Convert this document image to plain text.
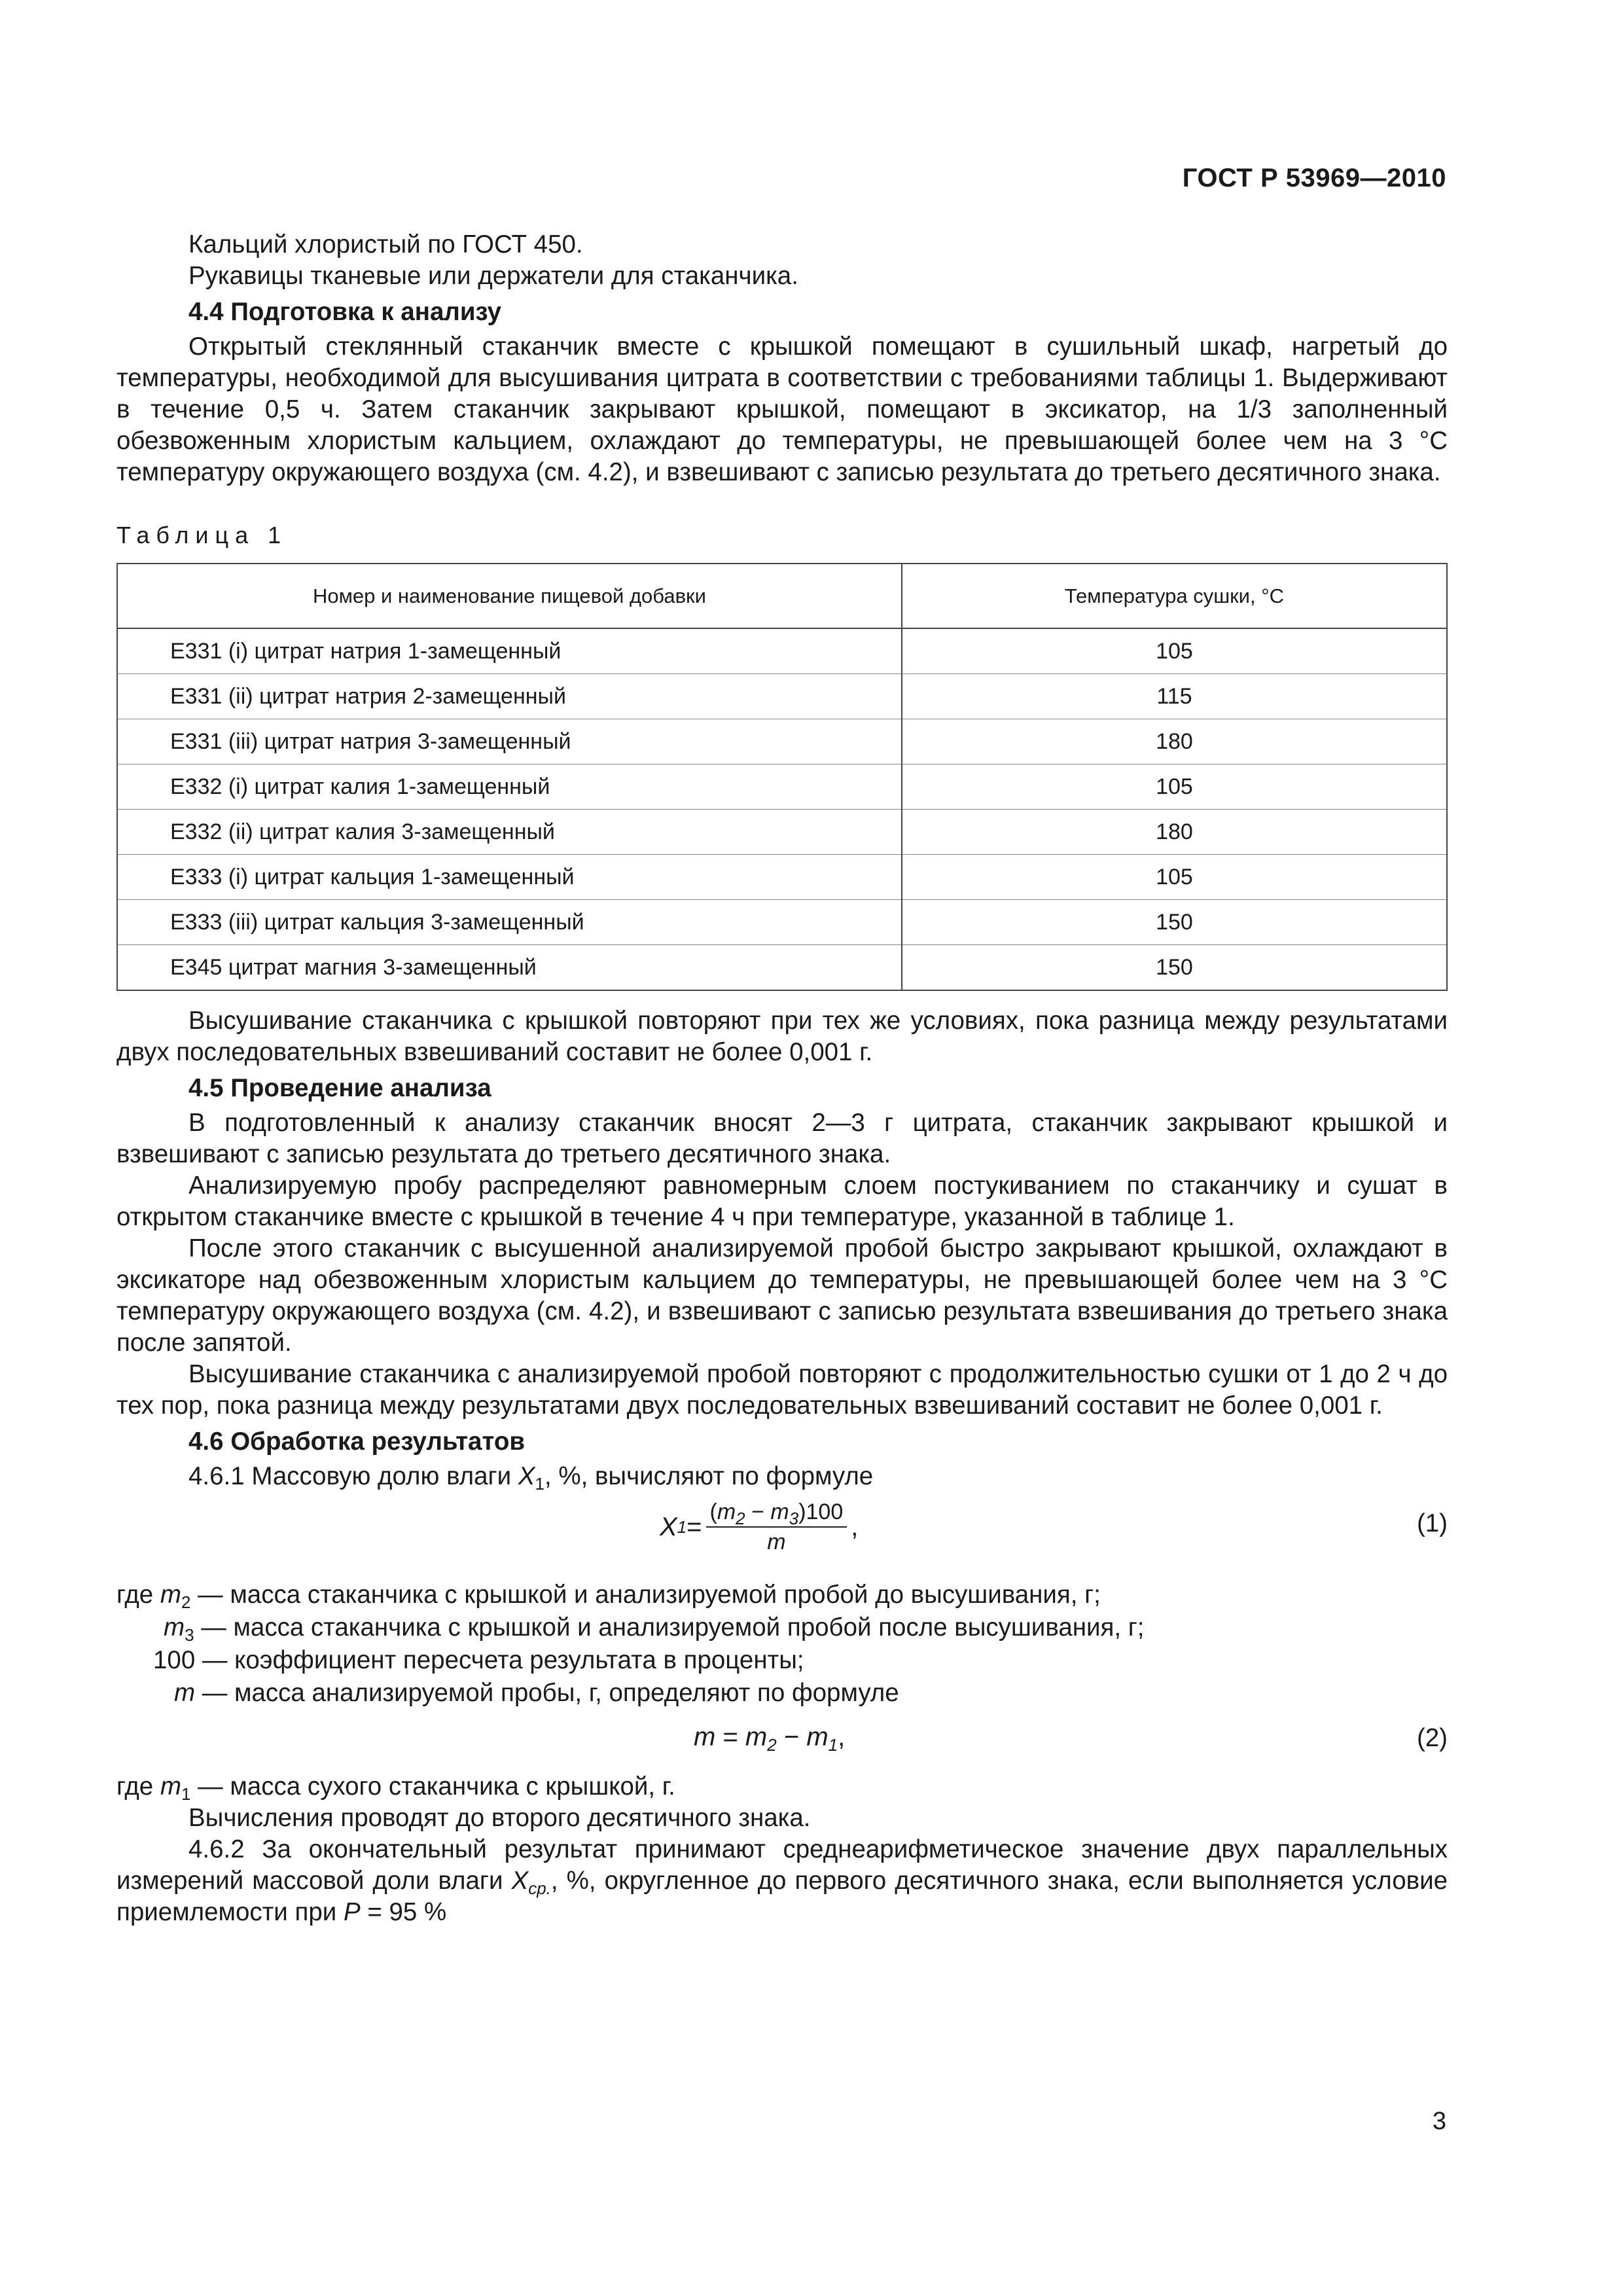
ГОСТ Р 53969—2010

Кальций хлористый по ГОСТ 450.

Рукавицы тканевые или держатели для стаканчика.

4.4 Подготовка к анализу

Открытый стеклянный стаканчик вместе с крышкой помещают в сушильный шкаф, нагретый до температуры, необходимой для высушивания цитрата в соответствии с требованиями таблицы 1. Выдерживают в течение 0,5 ч. Затем стаканчик закрывают крышкой, помещают в эксикатор, на 1/3 заполненный обезвоженным хлористым кальцием, охлаждают до температуры, не превышающей более чем на 3 °С температуру окружающего воздуха (см. 4.2), и взвешивают с записью результата до третьего десятичного знака.

Таблица 1
Номер и наименование пищевой добавки	Температура сушки, °С
E331 (i) цитрат натрия 1-замещенный	105
E331 (ii) цитрат натрия 2-замещенный	115
E331 (iii) цитрат натрия 3-замещенный	180
E332 (i) цитрат калия 1-замещенный	105
E332 (ii) цитрат калия 3-замещенный	180
E333 (i) цитрат кальция 1-замещенный	105
E333 (iii) цитрат кальция 3-замещенный	150
E345 цитрат магния 3-замещенный	150

Высушивание стаканчика с крышкой повторяют при тех же условиях, пока разница между результатами двух последовательных взвешиваний составит не более 0,001 г.

4.5 Проведение анализа

В подготовленный к анализу стаканчик вносят 2—3 г цитрата, стаканчик закрывают крышкой и взвешивают с записью результата до третьего десятичного знака.

Анализируемую пробу распределяют равномерным слоем постукиванием по стаканчику и сушат в открытом стаканчике вместе с крышкой в течение 4 ч при температуре, указанной в таблице 1.

После этого стаканчик с высушенной анализируемой пробой быстро закрывают крышкой, охлаждают в эксикаторе над обезвоженным хлористым кальцием до температуры, не превышающей более чем на 3 °С температуру окружающего воздуха (см. 4.2), и взвешивают с записью результата взвешивания до третьего знака после запятой.

Высушивание стаканчика с анализируемой пробой повторяют с продолжительностью сушки от 1 до 2 ч до тех пор, пока разница между результатами двух последовательных взвешиваний составит не более 0,001 г.

4.6 Обработка результатов

4.6.1 Массовую долю влаги $X_1$, %, вычисляют по формуле

X $1 = \frac{(m_2 - m_3)100}{m}$ ,	(1)
где $m_2$ — масса стаканчика с крышкой и анализируемой пробой до высушивания, г;
$m_3$ — масса стаканчика с крышкой и анализируемой пробой после высушивания, г;
100 — коэффициент пересчета результата в проценты;
m — масса анализируемой пробы, г, определяют по формуле
$m = m_2 - m_1$,	(2)

где $m_1$ — масса сухого стаканчика с крышкой, г.

Вычисления проводят до второго десятичного знака.

4.6.2 За окончательный результат принимают среднеарифметическое значение двух параллельных измерений массовой доли влаги $X_{ср.}$, %, округленное до первого десятичного знака, если выполняется условие приемлемости при P = 95 %

3
